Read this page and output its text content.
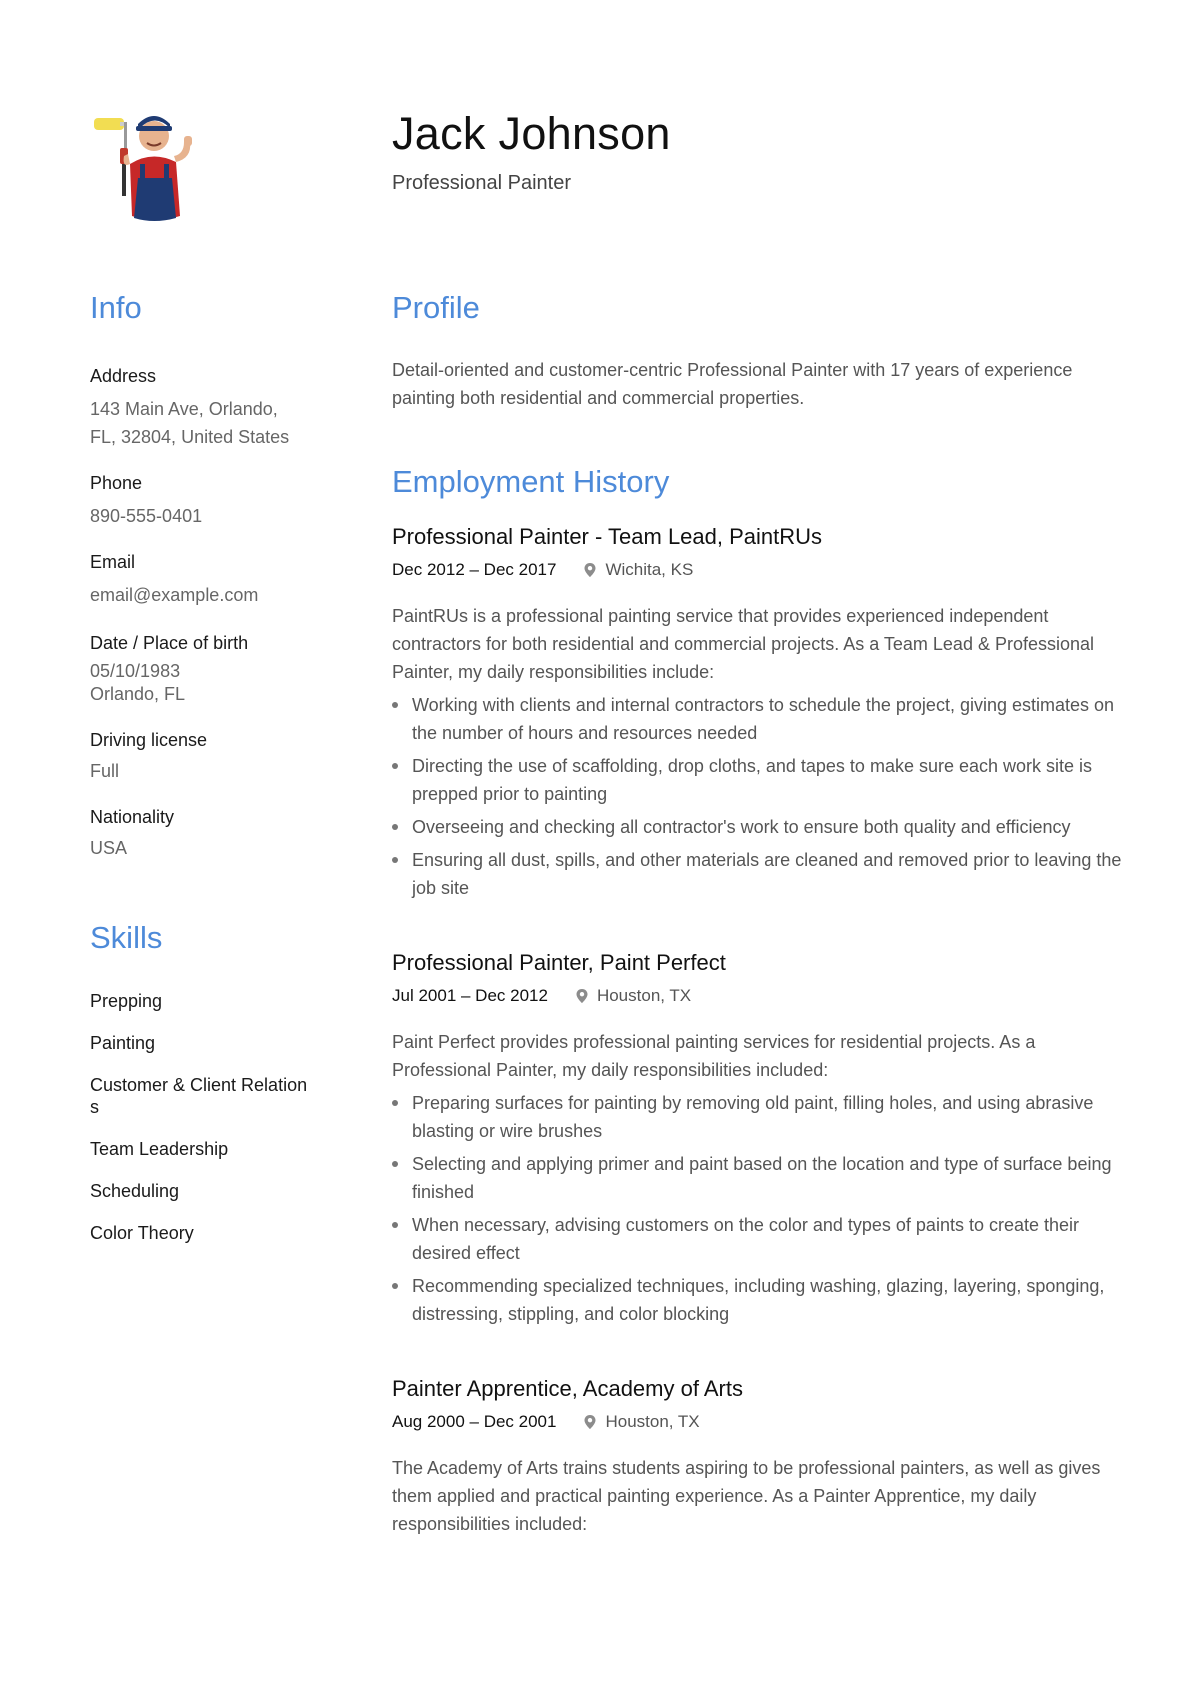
Jack Johnson
Professional Painter
Info
Address
143 Main Ave, Orlando,
FL, 32804, United States
Phone
890-555-0401
Email
email@example.com
Date / Place of birth
05/10/1983
Orlando, FL
Driving license
Full
Nationality
USA
Skills
Prepping
Painting
Customer & Client Relation
s
Team Leadership
Scheduling
Color Theory
Profile
Detail-oriented and customer-centric Professional Painter with 17 years of experience painting both residential and commercial properties.
Employment History
Professional Painter - Team Lead, PaintRUs
Dec 2012 – Dec 2017	Wichita, KS
PaintRUs is a professional painting service that provides experienced independent contractors for both residential and commercial projects. As a Team Lead & Professional Painter, my daily responsibilities include:
Working with clients and internal contractors to schedule the project, giving estimates on the number of hours and resources needed
Directing the use of scaffolding, drop cloths, and tapes to make sure each work site is prepped prior to painting
Overseeing and checking all contractor's work to ensure both quality and efficiency
Ensuring all dust, spills, and other materials are cleaned and removed prior to leaving the job site
Professional Painter, Paint Perfect
Jul 2001 – Dec 2012	Houston, TX
Paint Perfect provides professional painting services for residential projects. As a Professional Painter, my daily responsibilities included:
Preparing surfaces for painting by removing old paint, filling holes, and using abrasive blasting or wire brushes
Selecting and applying primer and paint based on the location and type of surface being finished
When necessary, advising customers on the color and types of paints to create their desired effect
Recommending specialized techniques, including washing, glazing, layering, sponging, distressing, stippling, and color blocking
Painter Apprentice, Academy of Arts
Aug 2000 – Dec 2001	Houston, TX
The Academy of Arts trains students aspiring to be professional painters, as well as gives them applied and practical painting experience. As a Painter Apprentice, my daily responsibilities included:
